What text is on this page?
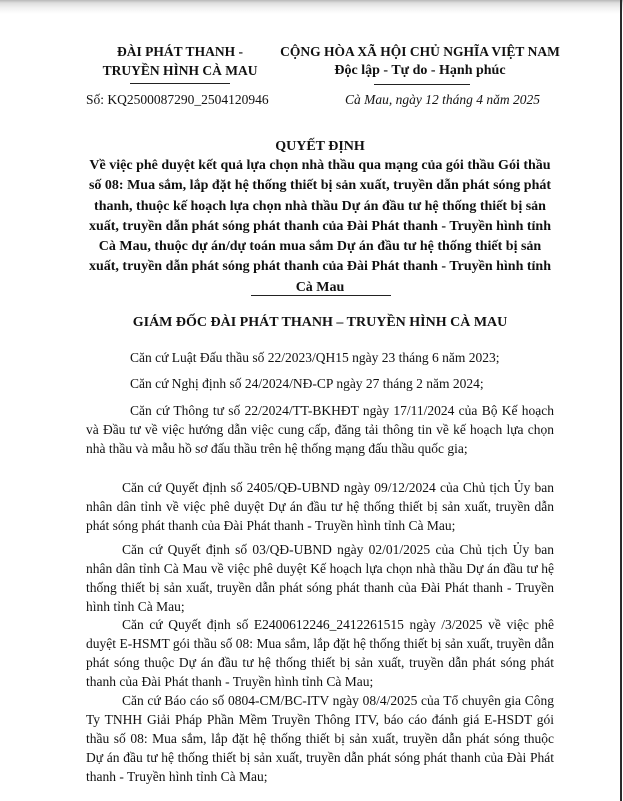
ĐÀI PHÁT THANH -
TRUYỀN HÌNH CÀ MAU
CỘNG HÒA XÃ HỘI CHỦ NGHĨA VIỆT NAM
Độc lập - Tự do - Hạnh phúc
Số: KQ2500087290_2504120946	Cà Mau, ngày 12 tháng 4 năm 2025
QUYẾT ĐỊNH
Về việc phê duyệt kết quả lựa chọn nhà thầu qua mạng của gói thầu Gói thầu số 08: Mua sắm, lắp đặt hệ thống thiết bị sản xuất, truyền dẫn phát sóng phát thanh, thuộc kế hoạch lựa chọn nhà thầu Dự án đầu tư hệ thống thiết bị sản xuất, truyền dẫn phát sóng phát thanh của Đài Phát thanh - Truyền hình tỉnh Cà Mau, thuộc dự án/dự toán mua sắm Dự án đầu tư hệ thống thiết bị sản xuất, truyền dẫn phát sóng phát thanh của Đài Phát thanh - Truyền hình tỉnh Cà Mau
GIÁM ĐỐC ĐÀI PHÁT THANH – TRUYỀN HÌNH CÀ MAU
Căn cứ Luật Đấu thầu số 22/2023/QH15 ngày 23 tháng 6 năm 2023;
Căn cứ Nghị định số 24/2024/NĐ-CP ngày 27 tháng 2 năm 2024;
Căn cứ Thông tư số 22/2024/TT-BKHĐT ngày 17/11/2024 của Bộ Kế hoạch và Đầu tư về việc hướng dẫn việc cung cấp, đăng tải thông tin về kế hoạch lựa chọn nhà thầu và mẫu hồ sơ đấu thầu trên hệ thống mạng đấu thầu quốc gia;
Căn cứ Quyết định số 2405/QĐ-UBND ngày 09/12/2024 của Chủ tịch Ủy ban nhân dân tỉnh về việc phê duyệt Dự án đầu tư hệ thống thiết bị sản xuất, truyền dẫn phát sóng phát thanh của Đài Phát thanh - Truyền hình tỉnh Cà Mau;
Căn cứ Quyết định số 03/QĐ-UBND ngày 02/01/2025 của Chủ tịch Ủy ban nhân dân tỉnh Cà Mau về việc phê duyệt Kế hoạch lựa chọn nhà thầu Dự án đầu tư hệ thống thiết bị sản xuất, truyền dẫn phát sóng phát thanh của Đài Phát thanh - Truyền hình tỉnh Cà Mau;
Căn cứ Quyết định số E2400612246_2412261515 ngày /3/2025 về việc phê duyệt E-HSMT gói thầu số 08: Mua sắm, lắp đặt hệ thống thiết bị sản xuất, truyền dẫn phát sóng thuộc Dự án đầu tư hệ thống thiết bị sản xuất, truyền dẫn phát sóng phát thanh của Đài Phát thanh - Truyền hình tỉnh Cà Mau;
Căn cứ Báo cáo số 0804-CM/BC-ITV ngày 08/4/2025 của Tổ chuyên gia Công Ty TNHH Giải Pháp Phần Mềm Truyền Thông ITV, báo cáo đánh giá E-HSDT gói thầu số 08: Mua sắm, lắp đặt hệ thống thiết bị sản xuất, truyền dẫn phát sóng thuộc Dự án đầu tư hệ thống thiết bị sản xuất, truyền dẫn phát sóng phát thanh của Đài Phát thanh - Truyền hình tỉnh Cà Mau;
